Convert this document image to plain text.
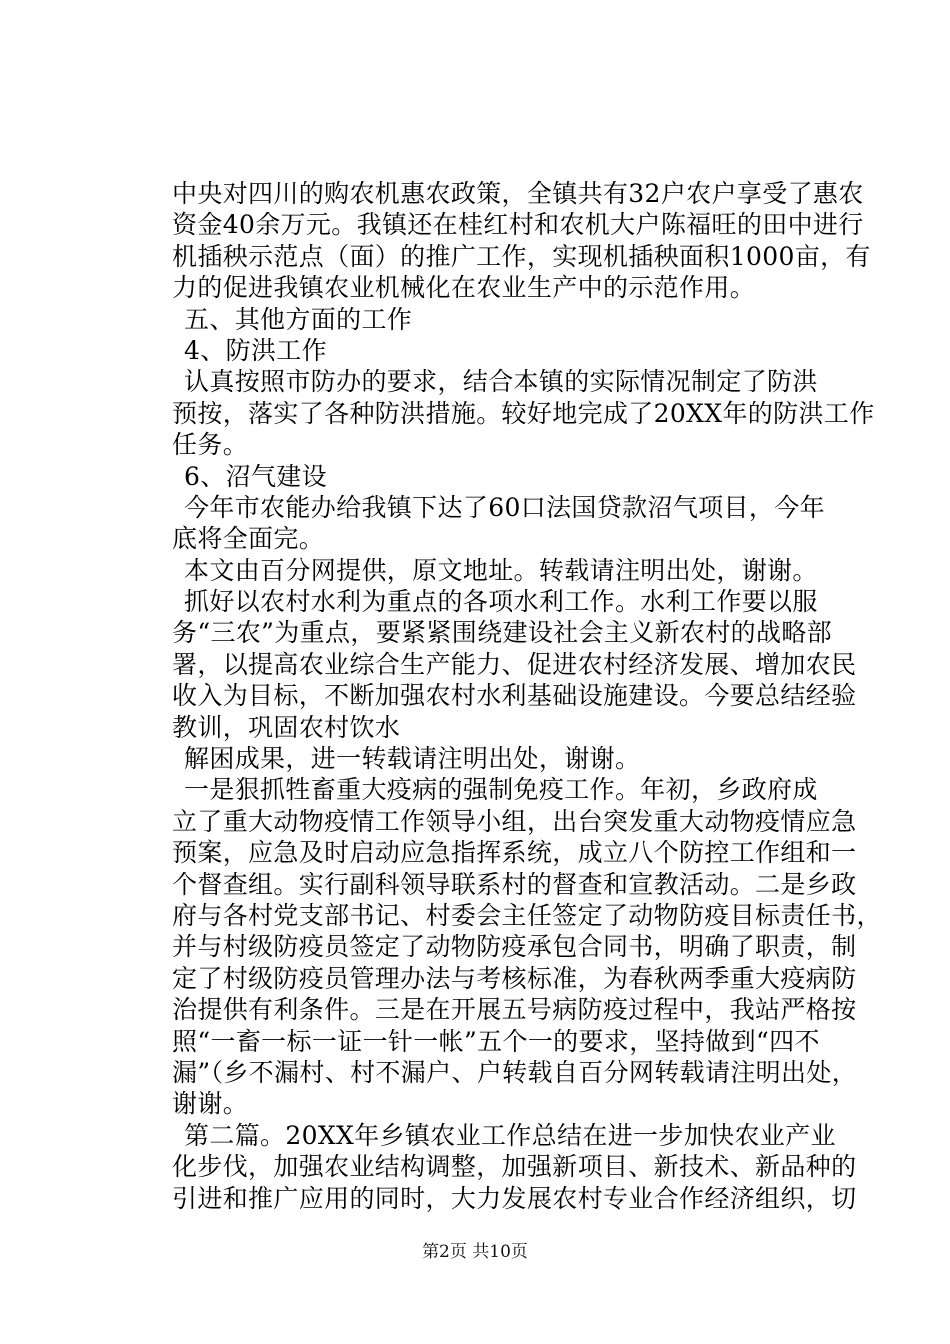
中央对四川的购农机惠农政策，全镇共有32户农户享受了惠农
资金40余万元。我镇还在桂红村和农机大户陈福旺的田中进行
机插秧示范点（面）的推广工作，实现机插秧面积1000亩，有
力的促进我镇农业机械化在农业生产中的示范作用。
五、其他方面的工作
4、防洪工作
认真按照市防办的要求，结合本镇的实际情况制定了防洪
预按，落实了各种防洪措施。较好地完成了20XX年的防洪工作
任务。
6、沼气建设
今年市农能办给我镇下达了60口法国贷款沼气项目，今年
底将全面完。
本文由百分网提供，原文地址。转载请注明出处，谢谢。
抓好以农村水利为重点的各项水利工作。水利工作要以服
务“三农”为重点，要紧紧围绕建设社会主义新农村的战略部
署，以提高农业综合生产能力、促进农村经济发展、增加农民
收入为目标，不断加强农村水利基础设施建设。今要总结经验
教训，巩固农村饮水
解困成果，进一转载请注明出处，谢谢。
一是狠抓牲畜重大疫病的强制免疫工作。年初，乡政府成
立了重大动物疫情工作领导小组，出台突发重大动物疫情应急
预案，应急及时启动应急指挥系统，成立八个防控工作组和一
个督查组。实行副科领导联系村的督查和宣教活动。二是乡政
府与各村党支部书记、村委会主任签定了动物防疫目标责任书，
并与村级防疫员签定了动物防疫承包合同书，明确了职责，制
定了村级防疫员管理办法与考核标准，为春秋两季重大疫病防
治提供有利条件。三是在开展五号病防疫过程中，我站严格按
照“一畜一标一证一针一帐”五个一的要求，坚持做到“四不
漏”（乡不漏村、村不漏户、户转载自百分网转载请注明出处，
谢谢。
第二篇。20XX年乡镇农业工作总结在进一步加快农业产业
化步伐，加强农业结构调整，加强新项目、新技术、新品种的
引进和推广应用的同时，大力发展农村专业合作经济组织，切
第2页 共10页
